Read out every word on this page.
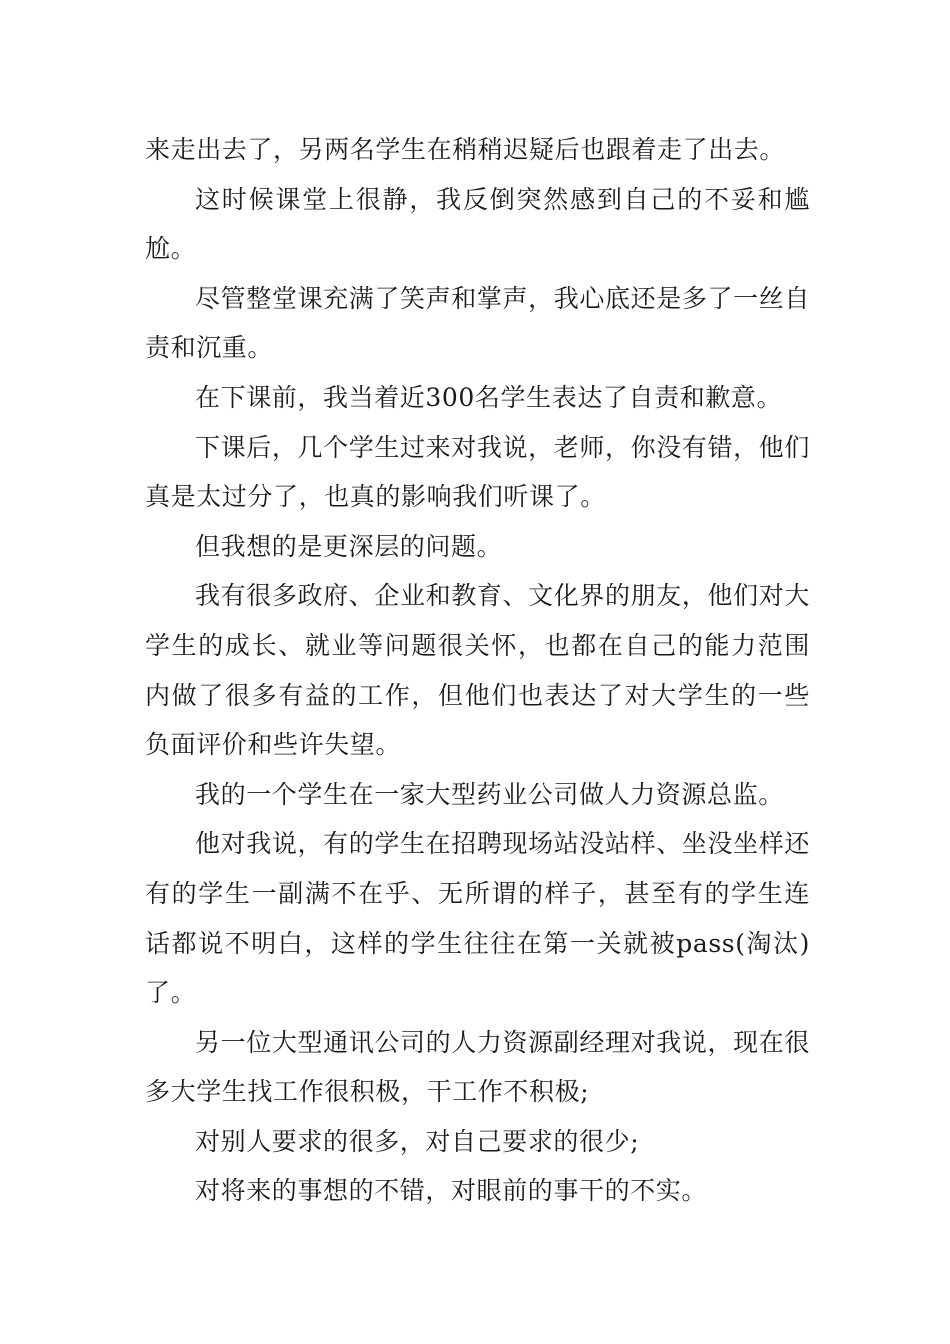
来走出去了，另两名学生在稍稍迟疑后也跟着走了出去。

这时候课堂上很静，我反倒突然感到自己的不妥和尴尬。

尽管整堂课充满了笑声和掌声，我心底还是多了一丝自责和沉重。

在下课前，我当着近300名学生表达了自责和歉意。

下课后，几个学生过来对我说，老师，你没有错，他们真是太过分了，也真的影响我们听课了。

但我想的是更深层的问题。

我有很多政府、企业和教育、文化界的朋友，他们对大学生的成长、就业等问题很关怀，也都在自己的能力范围内做了很多有益的工作，但他们也表达了对大学生的一些负面评价和些许失望。

我的一个学生在一家大型药业公司做人力资源总监。

他对我说，有的学生在招聘现场站没站样、坐没坐样还有的学生一副满不在乎、无所谓的样子，甚至有的学生连话都说不明白，这样的学生往往在第一关就被pass(淘汰)了。

另一位大型通讯公司的人力资源副经理对我说，现在很多大学生找工作很积极，干工作不积极;

对别人要求的很多，对自己要求的很少;

对将来的事想的不错，对眼前的事干的不实。
